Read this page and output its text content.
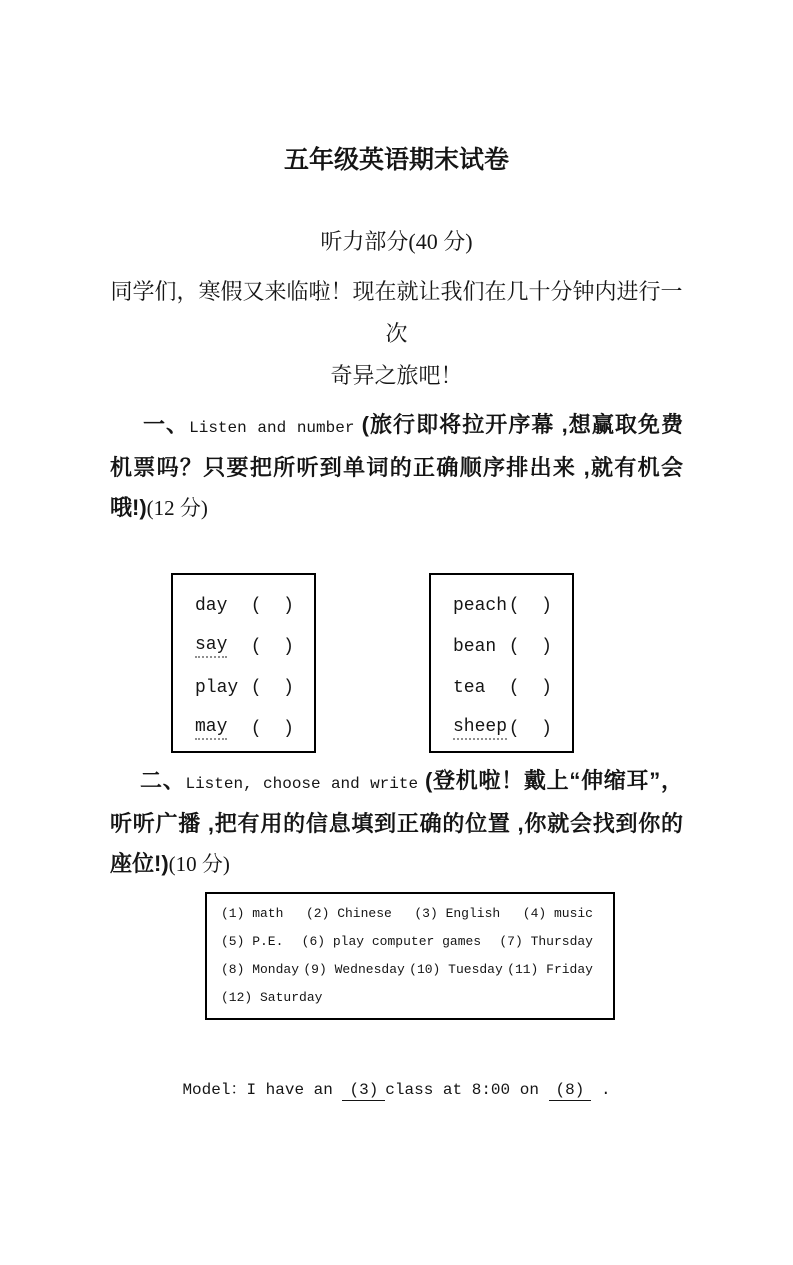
五年级英语期末试卷
听力部分(40 分)
同学们，寒假又来临啦！现在就让我们在几十分钟内进行一次
奇异之旅吧！

一、Listen and number (旅行即将拉开序幕 ,想赢取免费机票吗？只要把所听到单词的正确顺序排出来 ,就有机会哦!)(12 分)

day (  )
say (  )
play (  )
may (  )
peach (  )
bean (  )
tea (  )
sheep (  )

二、Listen, choose and write (登机啦！戴上“伸缩耳”，听听广播 ,把有用的信息填到正确的位置 ,你就会找到你的座位!)(10 分)

(1) math (2) Chinese (3) English (4) music
(5) P.E. (6) play computer games (7) Thursday
(8) Monday (9) Wednesday (10) Tuesday (11) Friday
(12) Saturday

Model：I have an (3) class at 8:00 on (8) .
